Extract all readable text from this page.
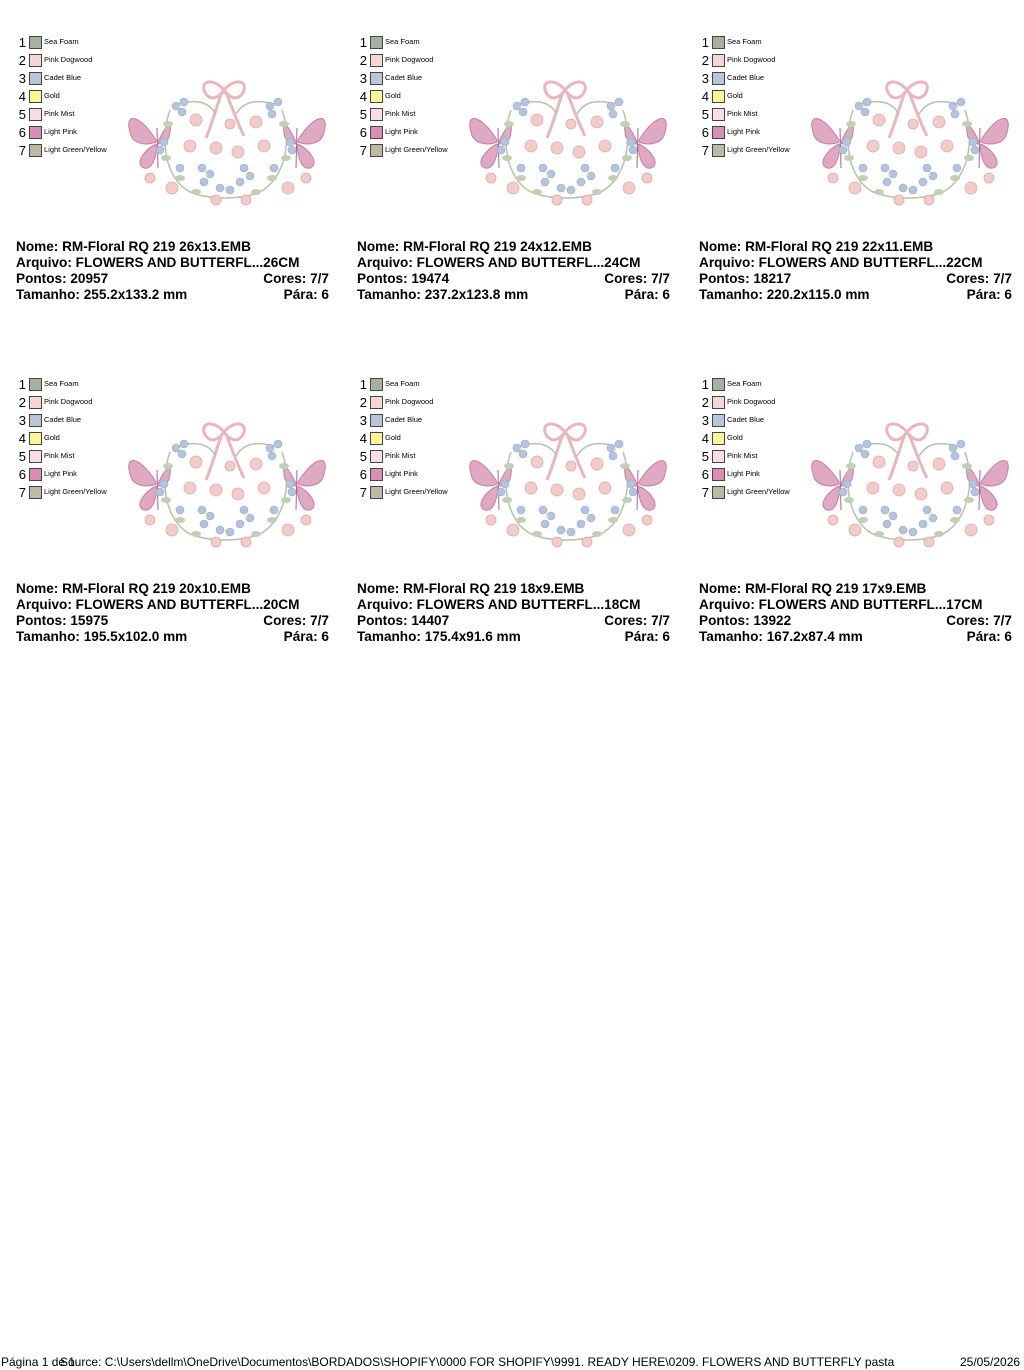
1 Sea Foam
2 Pink Dogwood
3 Cadet Blue
4 Gold
5 Pink Mist
6 Light Pink
7 Light Green/Yellow
Nome: RM-Floral RQ 219 26x13.EMB
Arquivo: FLOWERS AND BUTTERFL...26CM
Pontos: 20957	Cores: 7/7
Tamanho: 255.2x133.2 mm	Pára: 6
1 Sea Foam
2 Pink Dogwood
3 Cadet Blue
4 Gold
5 Pink Mist
6 Light Pink
7 Light Green/Yellow
Nome: RM-Floral RQ 219 24x12.EMB
Arquivo: FLOWERS AND BUTTERFL...24CM
Pontos: 19474	Cores: 7/7
Tamanho: 237.2x123.8 mm	Pára: 6
1 Sea Foam
2 Pink Dogwood
3 Cadet Blue
4 Gold
5 Pink Mist
6 Light Pink
7 Light Green/Yellow
Nome: RM-Floral RQ 219 22x11.EMB
Arquivo: FLOWERS AND BUTTERFL...22CM
Pontos: 18217	Cores: 7/7
Tamanho: 220.2x115.0 mm	Pára: 6
1 Sea Foam
2 Pink Dogwood
3 Cadet Blue
4 Gold
5 Pink Mist
6 Light Pink
7 Light Green/Yellow
Nome: RM-Floral RQ 219 20x10.EMB
Arquivo: FLOWERS AND BUTTERFL...20CM
Pontos: 15975	Cores: 7/7
Tamanho: 195.5x102.0 mm	Pára: 6
1 Sea Foam
2 Pink Dogwood
3 Cadet Blue
4 Gold
5 Pink Mist
6 Light Pink
7 Light Green/Yellow
Nome: RM-Floral RQ 219 18x9.EMB
Arquivo: FLOWERS AND BUTTERFL...18CM
Pontos: 14407	Cores: 7/7
Tamanho: 175.4x91.6 mm	Pára: 6
1 Sea Foam
2 Pink Dogwood
3 Cadet Blue
4 Gold
5 Pink Mist
6 Light Pink
7 Light Green/Yellow
Nome: RM-Floral RQ 219 17x9.EMB
Arquivo: FLOWERS AND BUTTERFL...17CM
Pontos: 13922	Cores: 7/7
Tamanho: 167.2x87.4 mm	Pára: 6
Página 1 de 1
Source: C:\Users\dellm\OneDrive\Documentos\BORDADOS\SHOPIFY\0000 FOR SHOPIFY\9991. READY HERE\0209. FLOWERS AND BUTTERFLY pasta	25/05/2026
